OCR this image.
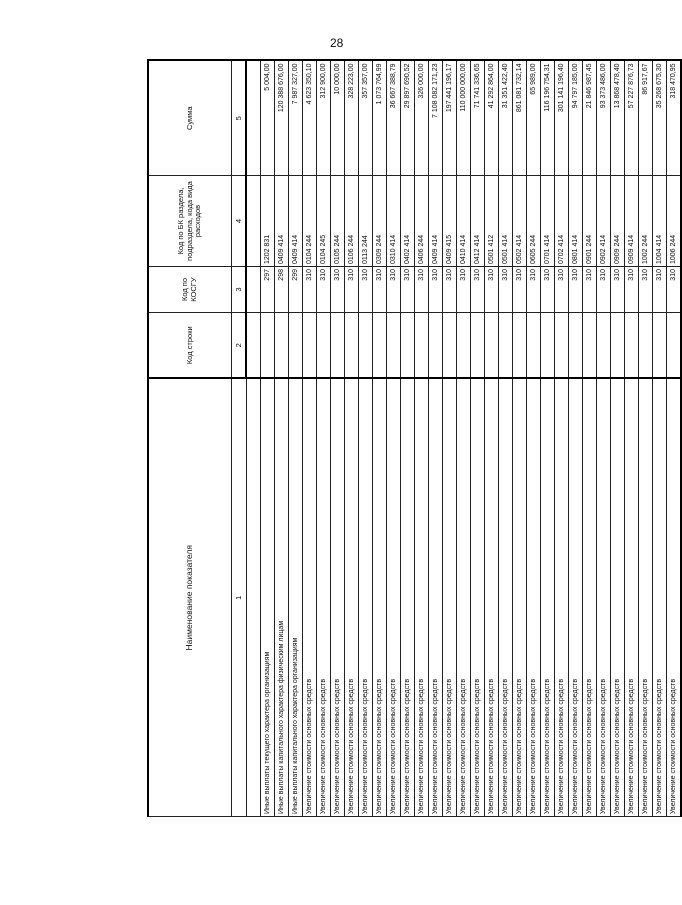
28
Наименование показателя	Код строки	Код по КОСГУ	Код по БК раздела, подраздела, кода вида расходов	Сумма
1	2	3	4	5

Иные выплаты текущего характера организациям		297	1202 831	5 004,00
Иные выплаты капитального характера физическим лицам		298	0409 414	120 388 676,00
Иные выплаты капитального характера организациям		299	0409 414	7 987 327,00
Увеличение стоимости основных средств		310	0104 244	4 623 350,10
Увеличение стоимости основных средств		310	0104 245	312 900,00
Увеличение стоимости основных средств		310	0105 244	10 000,00
Увеличение стоимости основных средств		310	0106 244	328 223,00
Увеличение стоимости основных средств		310	0113 244	357 357,00
Увеличение стоимости основных средств		310	0309 244	1 073 764,99
Увеличение стоимости основных средств		310	0310 414	36 667 388,79
Увеличение стоимости основных средств		310	0402 414	29 897 690,52
Увеличение стоимости основных средств		310	0406 244	326 000,00
Увеличение стоимости основных средств		310	0409 414	7 108 082 171,23
Увеличение стоимости основных средств		310	0409 415	197 441 196,17
Увеличение стоимости основных средств		310	0410 414	110 000 000,00
Увеличение стоимости основных средств		310	0412 414	71 741 336,65
Увеличение стоимости основных средств		310	0501 412	41 292 864,00
Увеличение стоимости основных средств		310	0501 414	31 351 422,40
Увеличение стоимости основных средств		310	0502 414	861 081 732,14
Увеличение стоимости основных средств		310	0605 244	65 989,00
Увеличение стоимости основных средств		310	0701 414	116 196 754,31
Увеличение стоимости основных средств		310	0702 414	301 141 196,40
Увеличение стоимости основных средств		310	0801 414	94 797 185,00
Увеличение стоимости основных средств		310	0901 244	21 846 987,45
Увеличение стоимости основных средств		310	0902 414	93 373 486,00
Увеличение стоимости основных средств		310	0909 244	13 868 478,40
Увеличение стоимости основных средств		310	0909 414	57 227 876,73
Увеличение стоимости основных средств		310	1002 244	86 917,67
Увеличение стоимости основных средств		310	1004 414	35 268 675,30
Увеличение стоимости основных средств		310	1006 244	318 470,95
